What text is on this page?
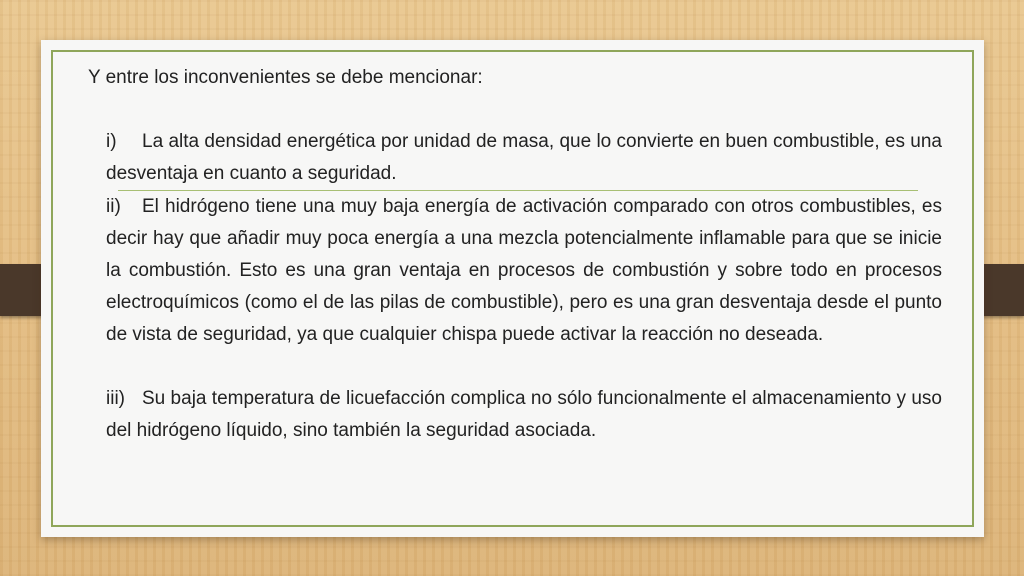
Y entre los inconvenientes se debe mencionar:

i) La alta densidad energética por unidad de masa, que lo convierte en buen combustible, es una desventaja en cuanto a seguridad.

ii) El hidrógeno tiene una muy baja energía de activación comparado con otros combustibles, es decir hay que añadir muy poca energía a una mezcla potencialmente inflamable para que se inicie la combustión. Esto es una gran ventaja en procesos de combustión y sobre todo en procesos electroquímicos (como el de las pilas de combustible), pero es una gran desventaja desde el punto de vista de seguridad, ya que cualquier chispa puede activar la reacción no deseada.

iii) Su baja temperatura de licuefacción complica no sólo funcionalmente el almacenamiento y uso del hidrógeno líquido, sino también la seguridad asociada.
